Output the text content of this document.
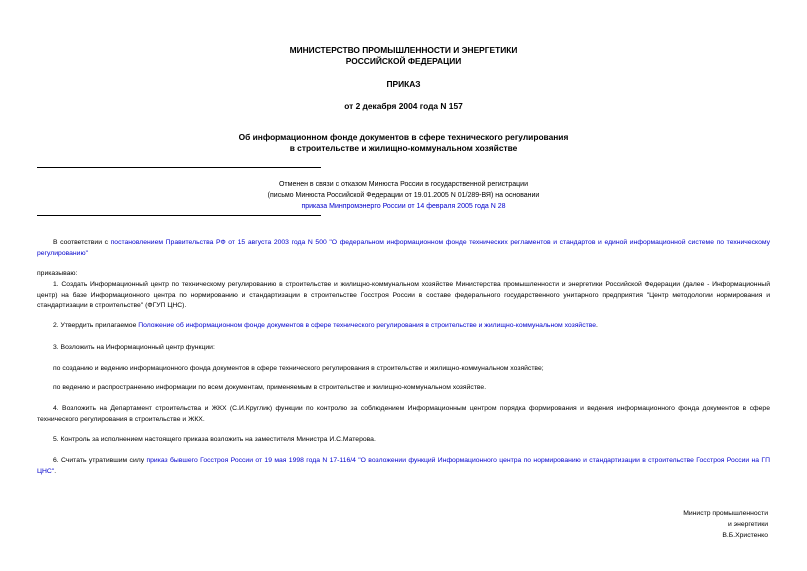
МИНИСТЕРСТВО ПРОМЫШЛЕННОСТИ И ЭНЕРГЕТИКИ
РОССИЙСКОЙ ФЕДЕРАЦИИ
ПРИКАЗ
от 2 декабря 2004 года N 157
Об информационном фонде документов в сфере технического регулирования
в строительстве и жилищно-коммунальном хозяйстве
Отменен в связи с отказом Минюста России в государственной регистрации
(письмо Минюста Российской Федерации от 19.01.2005 N 01/289-ВЯ) на основании
приказа Минпромэнерго России от 14 февраля 2005 года N 28
В соответствии с постановлением Правительства РФ от 15 августа 2003 года N 500 "О федеральном информационном фонде технических регламентов и стандартов и единой информационной системе по техническому регулированию"
приказываю:
1. Создать Информационный центр по техническому регулированию в строительстве и жилищно-коммунальном хозяйстве Министерства промышленности и энергетики Российской Федерации (далее - Информационный центр) на базе Информационного центра по нормированию и стандартизации в строительстве Госстроя России в составе федерального государственного унитарного предприятия "Центр методологии нормирования и стандартизации в строительстве" (ФГУП ЦНС).
2. Утвердить прилагаемое Положение об информационном фонде документов в сфере технического регулирования в строительстве и жилищно-коммунальном хозяйстве.
3. Возложить на Информационный центр функции:
по созданию и ведению информационного фонда документов в сфере технического регулирования в строительстве и жилищно-коммунальном хозяйстве;
по ведению и распространению информации по всем документам, применяемым в строительстве и жилищно-коммунальном хозяйстве.
4. Возложить на Департамент строительства и ЖКХ (С.И.Круглик) функции по контролю за соблюдением Информационным центром порядка формирования и ведения информационного фонда документов в сфере технического регулирования в строительстве и ЖКХ.
5. Контроль за исполнением настоящего приказа возложить на заместителя Министра И.С.Матерова.
6. Считать утратившим силу приказ бывшего Госстроя России от 19 мая 1998 года N 17-116/4 "О возложении функций Информационного центра по нормированию и стандартизации в строительстве Госстроя России на ГП ЦНС".
Министр промышленности
и энергетики
В.Б.Христенко
